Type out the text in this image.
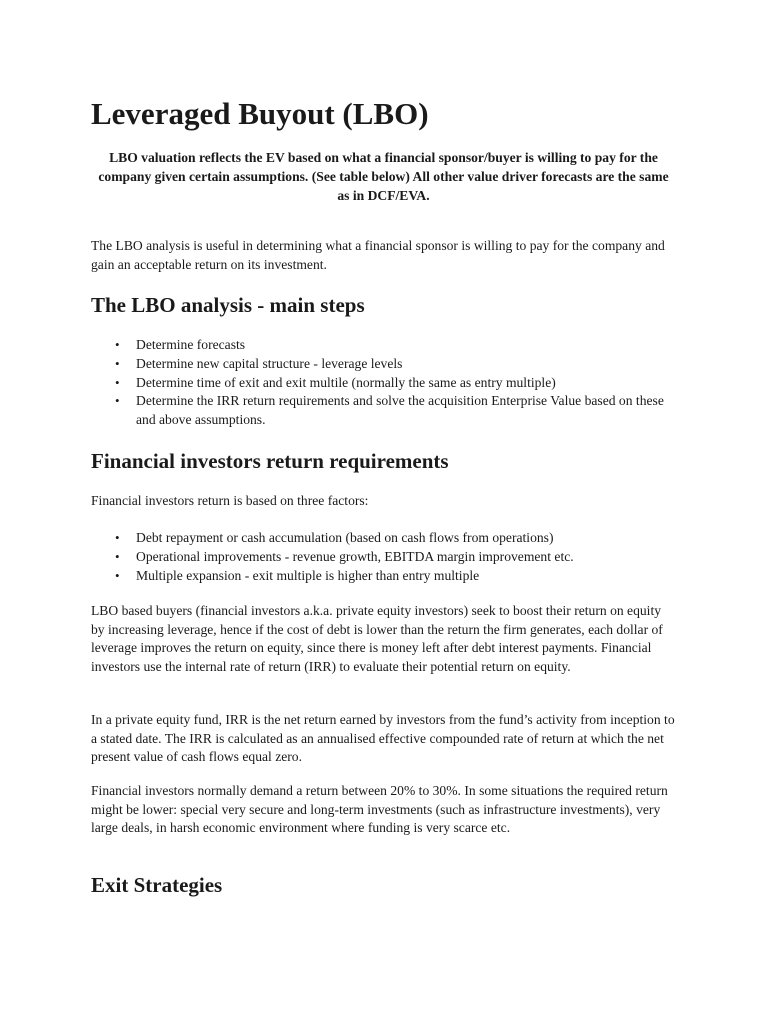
Leveraged Buyout (LBO)

LBO valuation reflects the EV based on what a financial sponsor/buyer is willing to pay for the company given certain assumptions. (See table below) All other value driver forecasts are the same as in DCF/EVA.

The LBO analysis is useful in determining what a financial sponsor is willing to pay for the company and gain an acceptable return on its investment.

The LBO analysis - main steps
• Determine forecasts
• Determine new capital structure - leverage levels
• Determine time of exit and exit multile (normally the same as entry multiple)
• Determine the IRR return requirements and solve the acquisition Enterprise Value based on these and above assumptions.
Financial investors return requirements

Financial investors return is based on three factors:

• Debt repayment or cash accumulation (based on cash flows from operations)
• Operational improvements - revenue growth, EBITDA margin improvement etc.
• Multiple expansion - exit multiple is higher than entry multiple

LBO based buyers (financial investors a.k.a. private equity investors) seek to boost their return on equity by increasing leverage, hence if the cost of debt is lower than the return the firm generates, each dollar of leverage improves the return on equity, since there is money left after debt interest payments. Financial investors use the internal rate of return (IRR) to evaluate their potential return on equity.

In a private equity fund, IRR is the net return earned by investors from the fund’s activity from inception to a stated date. The IRR is calculated as an annualised effective compounded rate of return at which the net present value of cash flows equal zero.

Financial investors normally demand a return between 20% to 30%. In some situations the required return might be lower: special very secure and long-term investments (such as infrastructure investments), very large deals, in harsh economic environment where funding is very scarce etc.

Exit Strategies
